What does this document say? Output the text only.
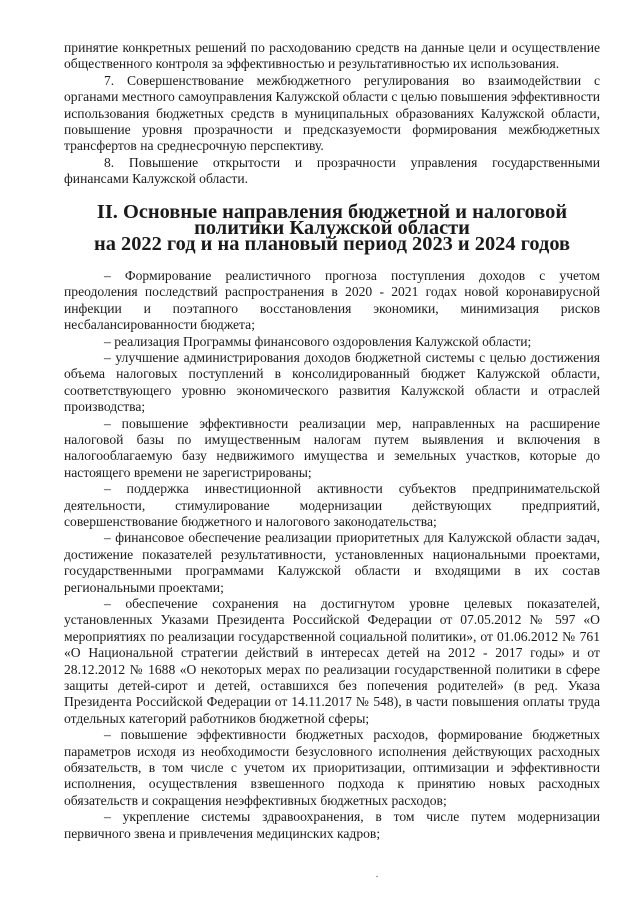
принятие конкретных решений по расходованию средств на данные цели и осуществление общественного контроля за эффективностью и результативностью их использования.

7. Совершенствование межбюджетного регулирования во взаимодействии с органами местного самоуправления Калужской области с целью повышения эффективности использования бюджетных средств в муниципальных образованиях Калужской области, повышение уровня прозрачности и предсказуемости формирования межбюджетных трансфертов на среднесрочную перспективу.

8. Повышение открытости и прозрачности управления государственными финансами Калужской области.

II. Основные направления бюджетной и налоговой политики Калужской области
на 2022 год и на плановый период 2023 и 2024 годов

– Формирование реалистичного прогноза поступления доходов с учетом преодоления последствий распространения в 2020 - 2021 годах новой коронавирусной инфекции и поэтапного восстановления экономики, минимизация рисков несбалансированности бюджета;

– реализация Программы финансового оздоровления Калужской области;

– улучшение администрирования доходов бюджетной системы с целью достижения объема налоговых поступлений в консолидированный бюджет Калужской области, соответствующего уровню экономического развития Калужской области и отраслей производства;

– повышение эффективности реализации мер, направленных на расширение налоговой базы по имущественным налогам путем выявления и включения в налогооблагаемую базу недвижимого имущества и земельных участков, которые до настоящего времени не зарегистрированы;

– поддержка инвестиционной активности субъектов предпринимательской деятельности, стимулирование модернизации действующих предприятий, совершенствование бюджетного и налогового законодательства;

– финансовое обеспечение реализации приоритетных для Калужской области задач, достижение показателей результативности, установленных национальными проектами, государственными программами Калужской области и входящими в их состав региональными проектами;

– обеспечение сохранения на достигнутом уровне целевых показателей, установленных Указами Президента Российской Федерации от 07.05.2012 № 597 «О мероприятиях по реализации государственной социальной политики», от 01.06.2012 № 761 «О Национальной стратегии действий в интересах детей на 2012 - 2017 годы» и от 28.12.2012 № 1688 «О некоторых мерах по реализации государственной политики в сфере защиты детей-сирот и детей, оставшихся без попечения родителей» (в ред. Указа Президента Российской Федерации от 14.11.2017 № 548), в части повышения оплаты труда отдельных категорий работников бюджетной сферы;

– повышение эффективности бюджетных расходов, формирование бюджетных параметров исходя из необходимости безусловного исполнения действующих расходных обязательств, в том числе с учетом их приоритизации, оптимизации и эффективности исполнения, осуществления взвешенного подхода к принятию новых расходных обязательств и сокращения неэффективных бюджетных расходов;

– укрепление системы здравоохранения, в том числе путем модернизации первичного звена и привлечения медицинских кадров;
